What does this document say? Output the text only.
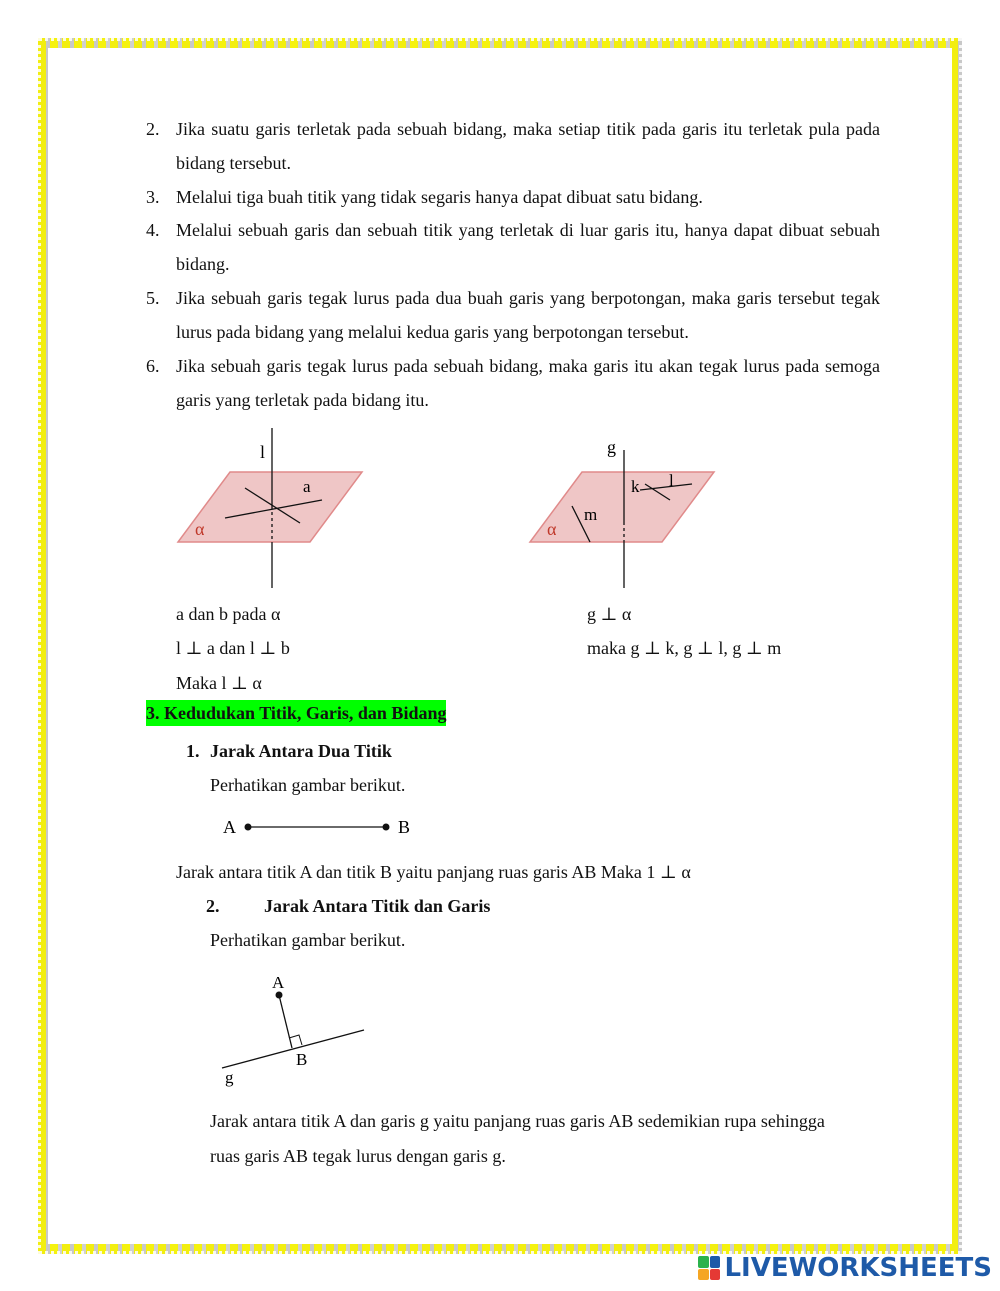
2. Jika suatu garis terletak pada sebuah bidang, maka setiap titik pada garis itu terletak pula pada bidang tersebut.
3. Melalui tiga buah titik yang tidak segaris hanya dapat dibuat satu bidang.
4. Melalui sebuah garis dan sebuah titik yang terletak di luar garis itu, hanya dapat dibuat sebuah bidang.
5. Jika sebuah garis tegak lurus pada dua buah garis yang berpotongan, maka garis tersebut tegak lurus pada bidang yang melalui kedua garis yang berpotongan tersebut.
6. Jika sebuah garis tegak lurus pada sebuah bidang, maka garis itu akan tegak lurus pada semoga garis yang terletak pada bidang itu.
l
a
α
g
k l
m
α
a dan b pada α
l ⊥ a dan l ⊥ b
Maka l ⊥ α
g ⊥ α
maka g ⊥ k, g ⊥ l, g ⊥ m
3. Kedudukan Titik, Garis, dan Bidang
1. Jarak Antara Dua Titik
Perhatikan gambar berikut.
A	B
Jarak antara titik A dan titik B yaitu panjang ruas garis AB Maka 1 ⊥ α
2. Jarak Antara Titik dan Garis
Perhatikan gambar berikut.
A
B
g
Jarak antara titik A dan garis g yaitu panjang ruas garis AB sedemikian rupa sehingga
ruas garis AB tegak lurus dengan garis g.
LIVEWORKSHEETS
